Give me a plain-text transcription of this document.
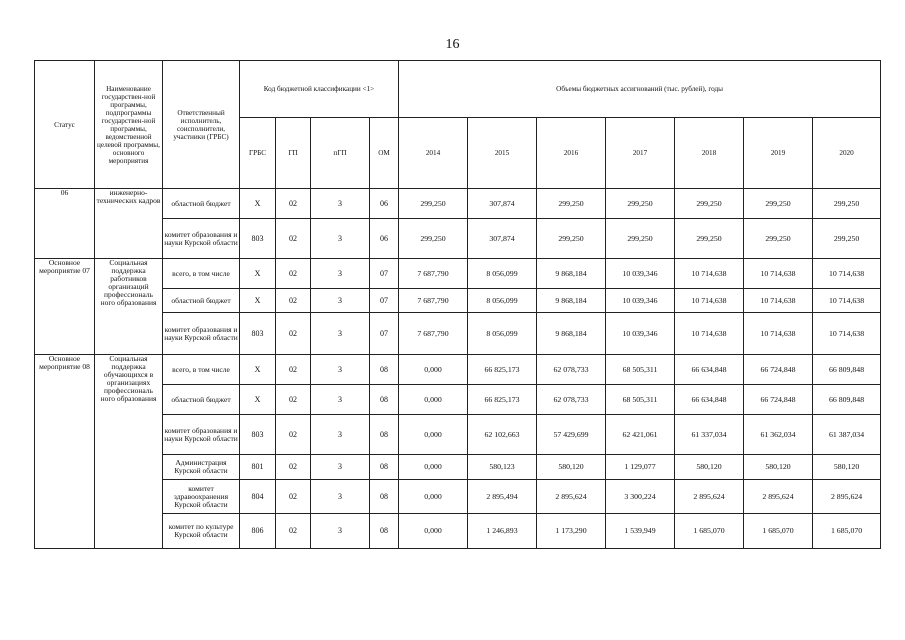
16
Статус	Наименование государствен-ной программы, подпрограммы государствен-ной программы, ведомственной целевой программы, основного мероприятия	Ответственный исполнитель, соисполнители, участники (ГРБС)	Код бюджетной классификации <1>				Объемы бюджетных ассигнований (тыс. рублей), годы						
			ГРБС	ГП	пГП	ОМ	2014	2015	2016	2017	2018	2019	2020
06	инженерно-технических кадров	областной бюджет	Х	02	3	06	299,250	307,874	299,250	299,250	299,250	299,250	299,250
		комитет образования и науки Курской области	803	02	3	06	299,250	307,874	299,250	299,250	299,250	299,250	299,250
Основное мероприятие 07	Социальная поддержка работников организаций профессиональ ного образования	всего, в том числе	Х	02	3	07	7 687,790	8 056,099	9 868,184	10 039,346	10 714,638	10 714,638	10 714,638
		областной бюджет	Х	02	3	07	7 687,790	8 056,099	9 868,184	10 039,346	10 714,638	10 714,638	10 714,638
		комитет образования и науки Курской области	803	02	3	07	7 687,790	8 056,099	9 868,184	10 039,346	10 714,638	10 714,638	10 714,638
Основное мероприятие 08	Социальная поддержка обучающихся в организациях профессиональ ного образования	всего, в том числе	Х	02	3	08	0,000	66 825,173	62 078,733	68 505,311	66 634,848	66 724,848	66 809,848
		областной бюджет	Х	02	3	08	0,000	66 825,173	62 078,733	68 505,311	66 634,848	66 724,848	66 809,848
		комитет образования и науки Курской области	803	02	3	08	0,000	62 102,663	57 429,699	62 421,061	61 337,034	61 362,034	61 387,034
		Администрация Курской области	801	02	3	08	0,000	580,123	580,120	1 129,077	580,120	580,120	580,120
		комитет здравоохранения Курской области	804	02	3	08	0,000	2 895,494	2 895,624	3 300,224	2 895,624	2 895,624	2 895,624
		комитет по культуре Курской области	806	02	3	08	0,000	1 246,893	1 173,290	1 539,949	1 685,070	1 685,070	1 685,070
